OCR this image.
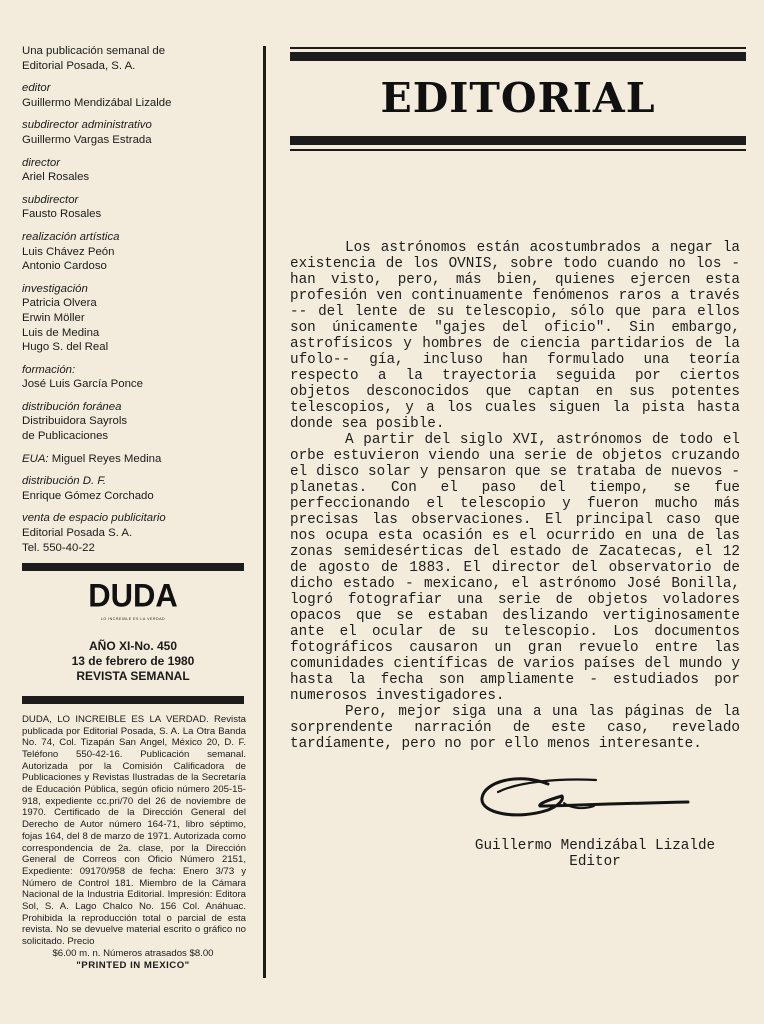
Una publicación semanal de
Editorial Posada, S. A.
editor
Guillermo Mendizábal Lizalde
subdirector administrativo
Guillermo Vargas Estrada
director
Ariel Rosales
subdirector
Fausto Rosales
realización artística
Luis Chávez Peón
Antonio Cardoso
investigación
Patricia Olvera
Erwin Möller
Luis de Medina
Hugo S. del Real
formación:
José Luis García Ponce
distribución foránea
Distribuidora Sayrols
de Publicaciones
EUA: Miguel Reyes Medina
distribución D. F.
Enrique Gómez Corchado
venta de espacio publicitario
Editorial Posada S. A.
Tel. 550-40-22
DUDA
LO INCREIBLE ES LA VERDAD
AÑO XI-No. 450
13 de febrero de 1980
REVISTA SEMANAL
DUDA, LO INCREIBLE ES LA VERDAD. Revista publicada por Editorial Posada, S. A. La Otra Banda No. 74, Col. Tizapán San Angel, México 20, D. F. Teléfono 550-42-16. Publicación semanal. Autorizada por la Comisión Calificadora de Publicaciones y Revistas Ilustradas de la Secretaría de Educación Pública, según oficio número 205-15-918, expediente cc.pri/70 del 26 de noviembre de 1970. Certificado de la Dirección General del Derecho de Autor número 164-71, libro séptimo, fojas 164, del 8 de marzo de 1971. Autorizada como correspondencia de 2a. clase, por la Dirección General de Correos con Oficio Número 2151, Expediente: 09170/958 de fecha: Enero 3/73 y Número de Control 181. Miembro de la Cámara Nacional de la Industria Editorial. Impresión: Editora Sol, S. A. Lago Chalco No. 156 Col. Anáhuac. Prohibida la reproducción total o parcial de esta revista. No se devuelve material escrito o gráfico no solicitado. Precio
$6.00 m. n. Números atrasados $8.00
"PRINTED IN MEXICO"
EDITORIAL

Los astrónomos están acostumbrados a negar la existencia de los OVNIS, sobre todo cuando no los - han visto, pero, más bien, quienes ejercen esta profesión ven continuamente fenómenos raros a través -- del lente de su telescopio, sólo que para ellos son únicamente "gajes del oficio". Sin embargo, astrofísicos y hombres de ciencia partidarios de la ufolo-- gía, incluso han formulado una teoría respecto a la trayectoria seguida por ciertos objetos desconocidos que captan en sus potentes telescopios, y a los cuales siguen la pista hasta donde sea posible.

A partir del siglo XVI, astrónomos de todo el orbe estuvieron viendo una serie de objetos cruzando el disco solar y pensaron que se trataba de nuevos - planetas. Con el paso del tiempo, se fue perfeccionando el telescopio y fueron mucho más precisas las observaciones. El principal caso que nos ocupa esta ocasión es el ocurrido en una de las zonas semidesérticas del estado de Zacatecas, el 12 de agosto de 1883. El director del observatorio de dicho estado - mexicano, el astrónomo José Bonilla, logró fotografiar una serie de objetos voladores opacos que se estaban deslizando vertiginosamente ante el ocular de su telescopio. Los documentos fotográficos causaron un gran revuelo entre las comunidades científicas de varios países del mundo y hasta la fecha son ampliamente - estudiados por numerosos investigadores.

Pero, mejor siga una a una las páginas de la sorprendente narración de este caso, revelado tardíamente, pero no por ello menos interesante.

Guillermo Mendizábal Lizalde
Editor
